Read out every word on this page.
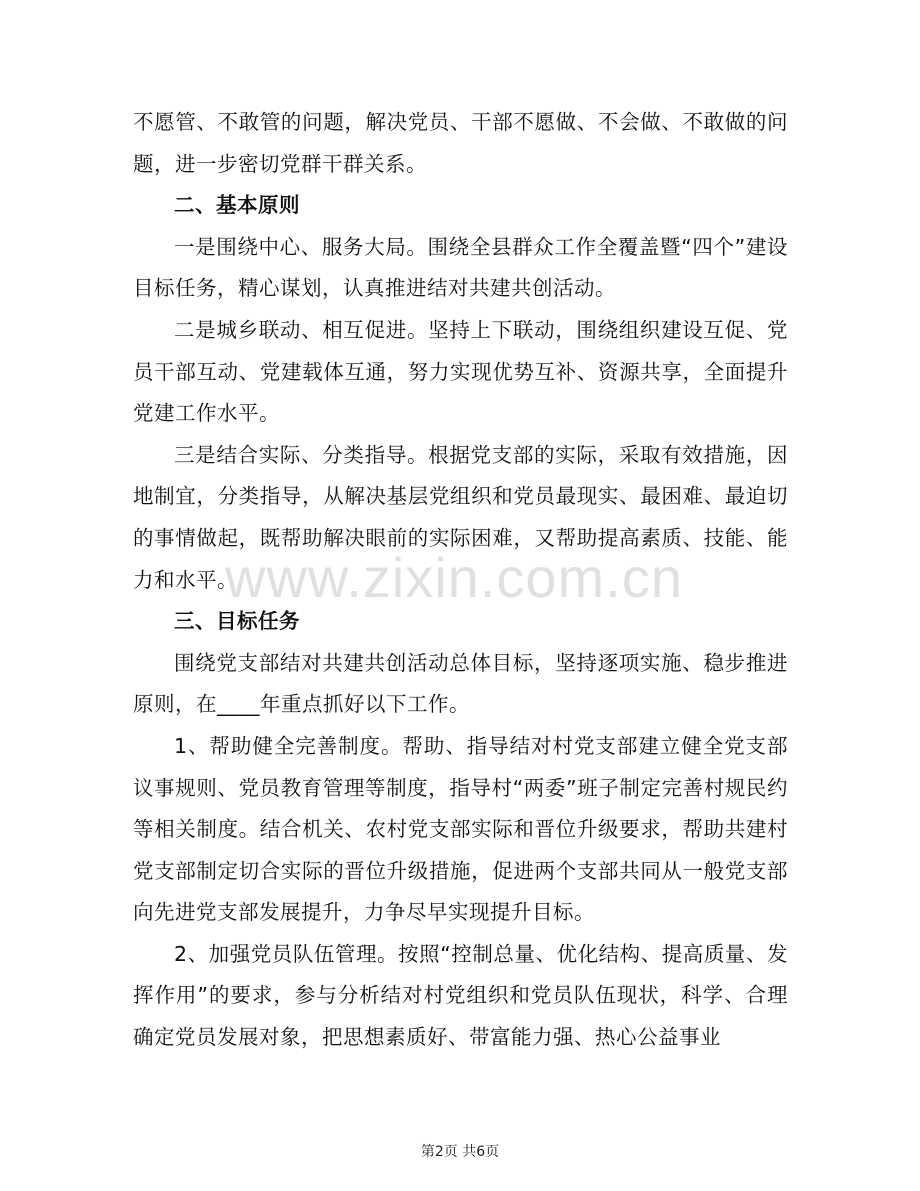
不愿管、不敢管的问题，解决党员、干部不愿做、不会做、不敢做的问题，进一步密切党群干群关系。

二、基本原则

一是围绕中心、服务大局。围绕全县群众工作全覆盖暨“四个”建设目标任务，精心谋划，认真推进结对共建共创活动。

二是城乡联动、相互促进。坚持上下联动，围绕组织建设互促、党员干部互动、党建载体互通，努力实现优势互补、资源共享，全面提升党建工作水平。

三是结合实际、分类指导。根据党支部的实际，采取有效措施，因地制宜，分类指导，从解决基层党组织和党员最现实、最困难、最迫切的事情做起，既帮助解决眼前的实际困难，又帮助提高素质、技能、能力和水平。

三、目标任务

围绕党支部结对共建共创活动总体目标，坚持逐项实施、稳步推进原则，在____年重点抓好以下工作。

1、帮助健全完善制度。帮助、指导结对村党支部建立健全党支部议事规则、党员教育管理等制度，指导村“两委”班子制定完善村规民约等相关制度。结合机关、农村党支部实际和晋位升级要求，帮助共建村党支部制定切合实际的晋位升级措施，促进两个支部共同从一般党支部向先进党支部发展提升，力争尽早实现提升目标。

2、加强党员队伍管理。按照“控制总量、优化结构、提高质量、发挥作用”的要求，参与分析结对村党组织和党员队伍现状，科学、合理确定党员发展对象，把思想素质好、带富能力强、热心公益事业

www.zixin.com.cn
第2页 共6页
